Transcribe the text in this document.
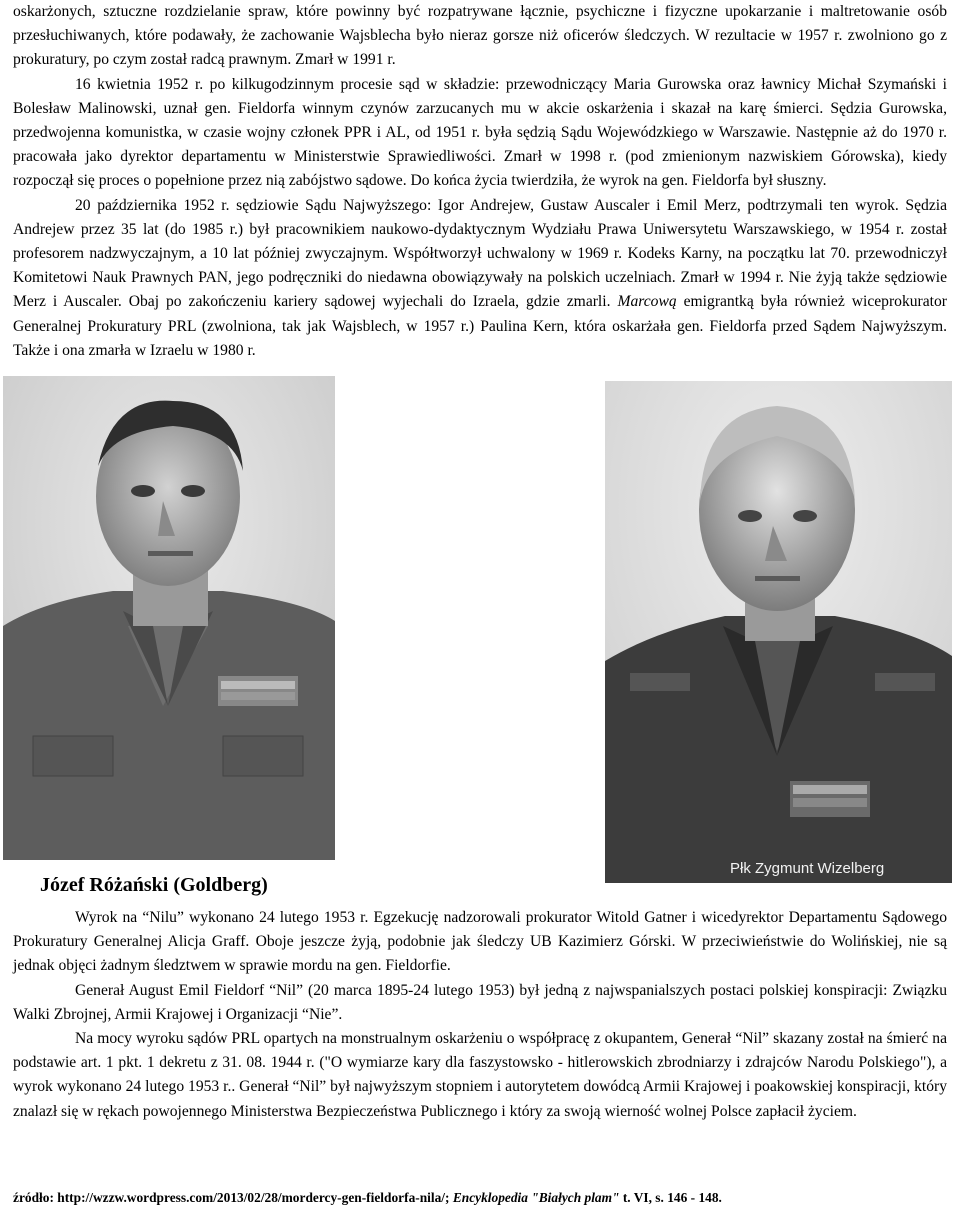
oskarżonych, sztuczne rozdzielanie spraw, które powinny być rozpatrywane łącznie, psychiczne i fizyczne upokarzanie i maltretowanie osób przesłuchiwanych, które podawały, że zachowanie Wajsblecha było nieraz gorsze niż oficerów śledczych. W rezultacie w 1957 r. zwolniono go z prokuratury, po czym został radcą prawnym. Zmarł w 1991 r.

16 kwietnia 1952 r. po kilkugodzinnym procesie sąd w składzie: przewodniczący Maria Gurowska oraz ławnicy Michał Szymański i Bolesław Malinowski, uznał gen. Fieldorfa winnym czynów zarzucanych mu w akcie oskarżenia i skazał na karę śmierci. Sędzia Gurowska, przedwojenna komunistka, w czasie wojny członek PPR i AL, od 1951 r. była sędzią Sądu Wojewódzkiego w Warszawie. Następnie aż do 1970 r. pracowała jako dyrektor departamentu w Ministerstwie Sprawiedliwości. Zmarł w 1998 r. (pod zmienionym nazwiskiem Górowska), kiedy rozpoczął się proces o popełnione przez nią zabójstwo sądowe. Do końca życia twierdziła, że wyrok na gen. Fieldorfa był słuszny.

20 października 1952 r. sędziowie Sądu Najwyższego: Igor Andrejew, Gustaw Auscaler i Emil Merz, podtrzymali ten wyrok. Sędzia Andrejew przez 35 lat (do 1985 r.) był pracownikiem naukowo-dydaktycznym Wydziału Prawa Uniwersytetu Warszawskiego, w 1954 r. został profesorem nadzwyczajnym, a 10 lat później zwyczajnym. Współtworzył uchwalony w 1969 r. Kodeks Karny, na początku lat 70. przewodniczył Komitetowi Nauk Prawnych PAN, jego podręczniki do niedawna obowiązywały na polskich uczelniach. Zmarł w 1994 r. Nie żyją także sędziowie Merz i Auscaler. Obaj po zakończeniu kariery sądowej wyjechali do Izraela, gdzie zmarli. Marcową emigrantką była również wiceprokurator Generalnej Prokuratury PRL (zwolniona, tak jak Wajsblech, w 1957 r.) Paulina Kern, która oskarżała gen. Fieldorfa przed Sądem Najwyższym. Także i ona zmarła w Izraelu w 1980 r.

Płk Zygmunt Wizelberg
Józef Różański (Goldberg)

Wyrok na “Nilu” wykonano 24 lutego 1953 r. Egzekucję nadzorowali prokurator Witold Gatner i wicedyrektor Departamentu Sądowego Prokuratury Generalnej Alicja Graff. Oboje jeszcze żyją, podobnie jak śledczy UB Kazimierz Górski. W przeciwieństwie do Wolińskiej, nie są jednak objęci żadnym śledztwem w sprawie mordu na gen. Fieldorfie.

Generał August Emil Fieldorf “Nil” (20 marca 1895-24 lutego 1953) był jedną z najwspanialszych postaci polskiej konspiracji: Związku Walki Zbrojnej, Armii Krajowej i Organizacji “Nie”.

Na mocy wyroku sądów PRL opartych na monstrualnym oskarżeniu o współpracę z okupantem, Generał “Nil” skazany został na śmierć na podstawie art. 1 pkt. 1 dekretu z 31. 08. 1944 r. ("O wymiarze kary dla faszystowsko - hitlerowskich zbrodniarzy i zdrajców Narodu Polskiego"), a wyrok wykonano 24 lutego 1953 r.. Generał “Nil” był najwyższym stopniem i autorytetem dowódcą Armii Krajowej i poakowskiej konspiracji, który znalazł się w rękach powojennego Ministerstwa Bezpieczeństwa Publicznego i który za swoją wierność wolnej Polsce zapłacił życiem.

źródło: http://wzzw.wordpress.com/2013/02/28/mordercy-gen-fieldorfa-nila/; Encyklopedia "Białych plam" t. VI, s. 146 - 148.
